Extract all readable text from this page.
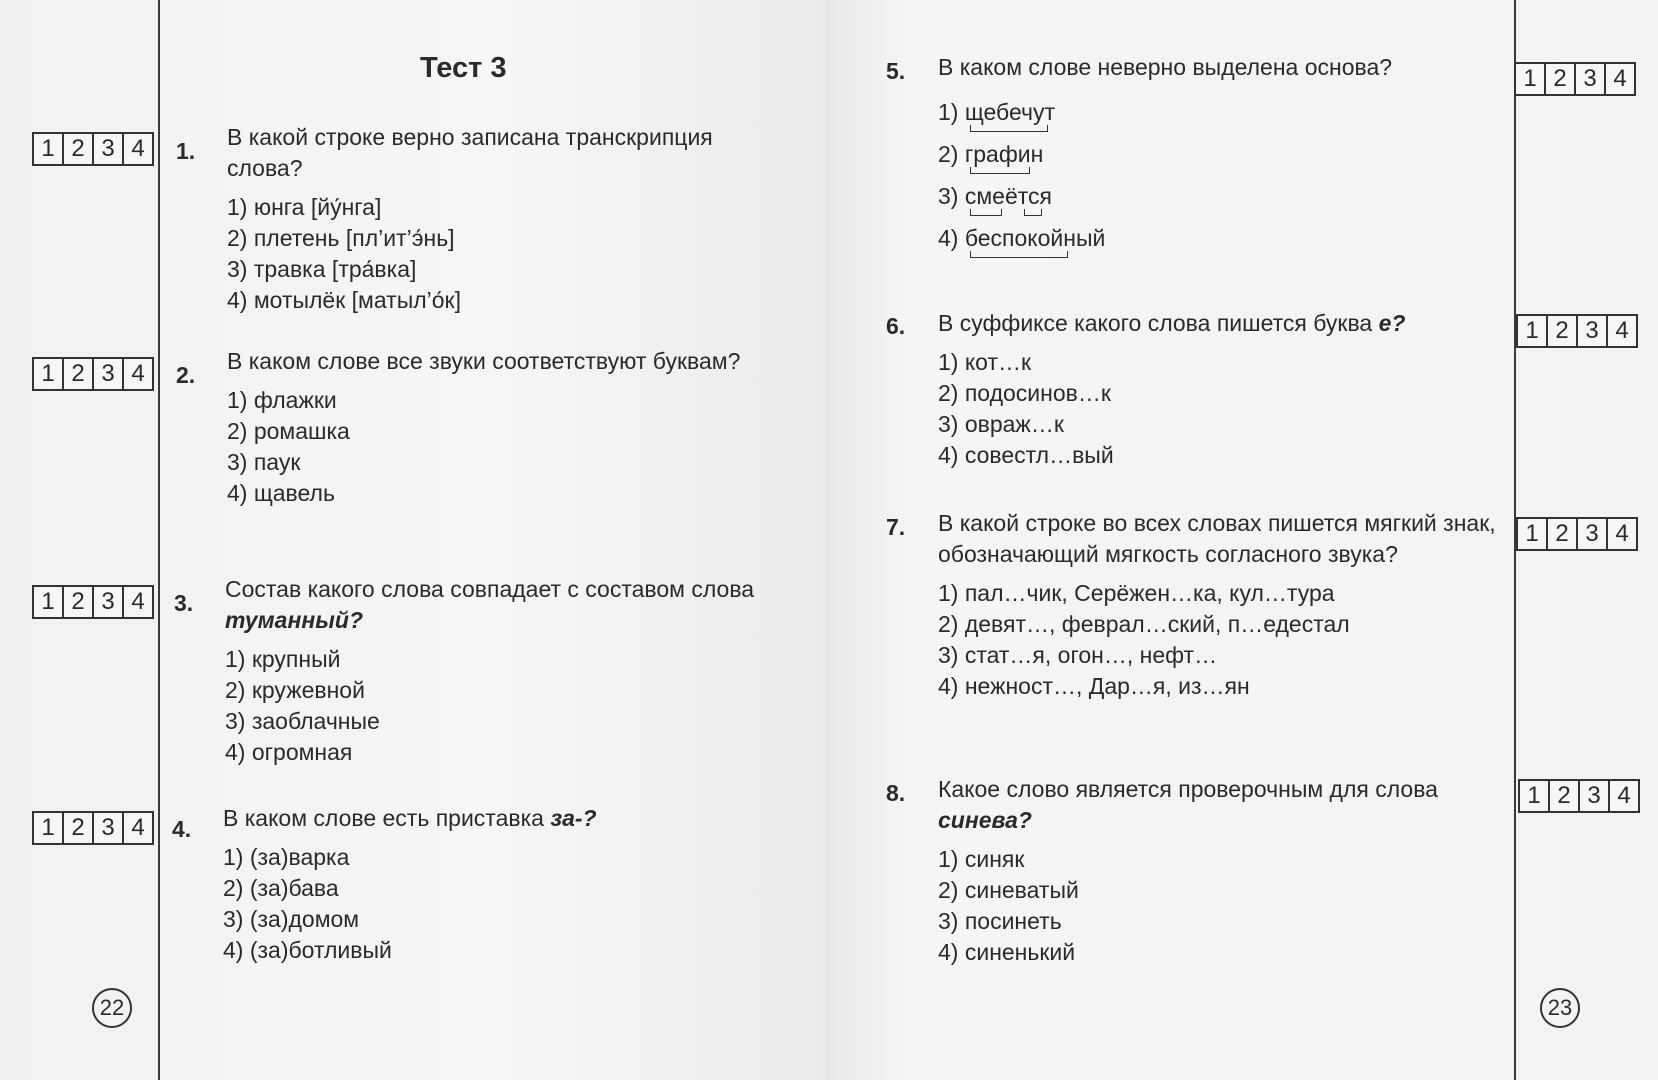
Тест 3
1 2 3 4	1.
В какой строке верно записана транскрипция слова?
1) юнга [йу́нга]
2) плетень [пл’ит’э́нь]
3) травка [тра́вка]
4) мотылёк [матыл’о́к]
1 2 3 4	2.
В каком слове все звуки соответствуют буквам?
1) флажки
2) ромашка
3) паук
4) щавель
1 2 3 4	3.
Состав какого слова совпадает с составом слова туманный?
1) крупный
2) кружевной
3) заоблачные
4) огромная
1 2 3 4	4. В каком слове есть приставка за-?
1) (за)варка
2) (за)бава
3) (за)домом
4) (за)ботливый
1 2 3 4
5. В каком слове неверно выделена основа?
1) щебечут
2) графин
3) смеётся
4) беспокойный
1 2 3 4
6. В суффиксе какого слова пишется буква е?
1) кот…к
2) подосинов…к
3) овраж…к
4) совестл…вый
1 2 3 4
7. В какой строке во всех словах пишется мягкий знак, обозначающий мягкость согласного звука?
1) пал…чик, Серёжен…ка, кул…тура
2) девят…, феврал…ский, п…едестал
3) стат…я, огон…, нефт…
4) нежност…, Дар…я, из…ян
1 2 3 4
8. Какое слово является проверочным для слова синева?
1) синяк
2) синеватый
3) посинеть
4) синенький
22	23
